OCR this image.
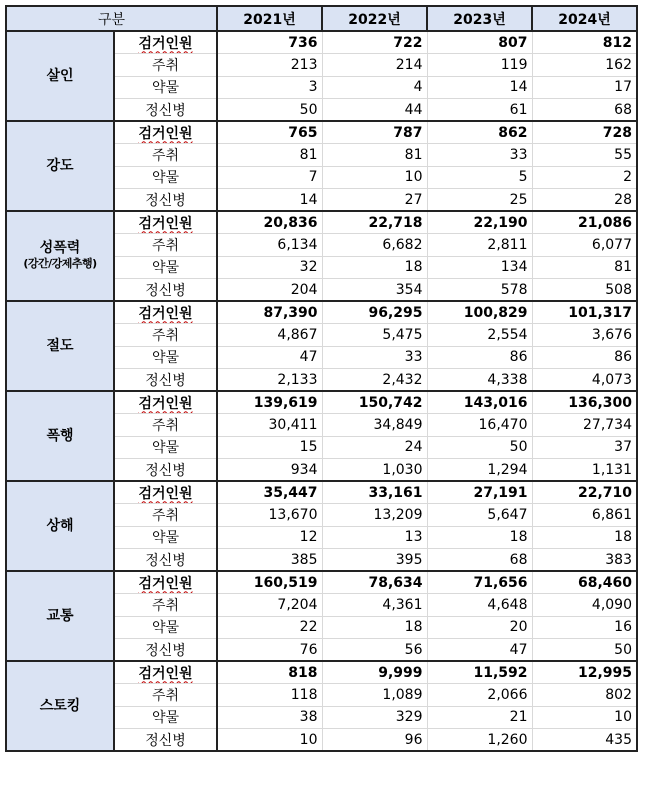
구분		2021년	2022년	2023년	2024년
살인	검거인원	736	722	807	812
	주취	213	214	119	162
	약물	3	4	14	17
	정신병	50	44	61	68
강도	검거인원	765	787	862	728
	주취	81	81	33	55
	약물	7	10	5	2
	정신병	14	27	25	28
성폭력
(강간/강제추행)	검거인원	20,836	22,718	22,190	21,086
	주취	6,134	6,682	2,811	6,077
	약물	32	18	134	81
	정신병	204	354	578	508
절도	검거인원	87,390	96,295	100,829	101,317
	주취	4,867	5,475	2,554	3,676
	약물	47	33	86	86
	정신병	2,133	2,432	4,338	4,073
폭행	검거인원	139,619	150,742	143,016	136,300
	주취	30,411	34,849	16,470	27,734
	약물	15	24	50	37
	정신병	934	1,030	1,294	1,131
상해	검거인원	35,447	33,161	27,191	22,710
	주취	13,670	13,209	5,647	6,861
	약물	12	13	18	18
	정신병	385	395	68	383
교통	검거인원	160,519	78,634	71,656	68,460
	주취	7,204	4,361	4,648	4,090
	약물	22	18	20	16
	정신병	76	56	47	50
스토킹	검거인원	818	9,999	11,592	12,995
	주취	118	1,089	2,066	802
	약물	38	329	21	10
	정신병	10	96	1,260	435
